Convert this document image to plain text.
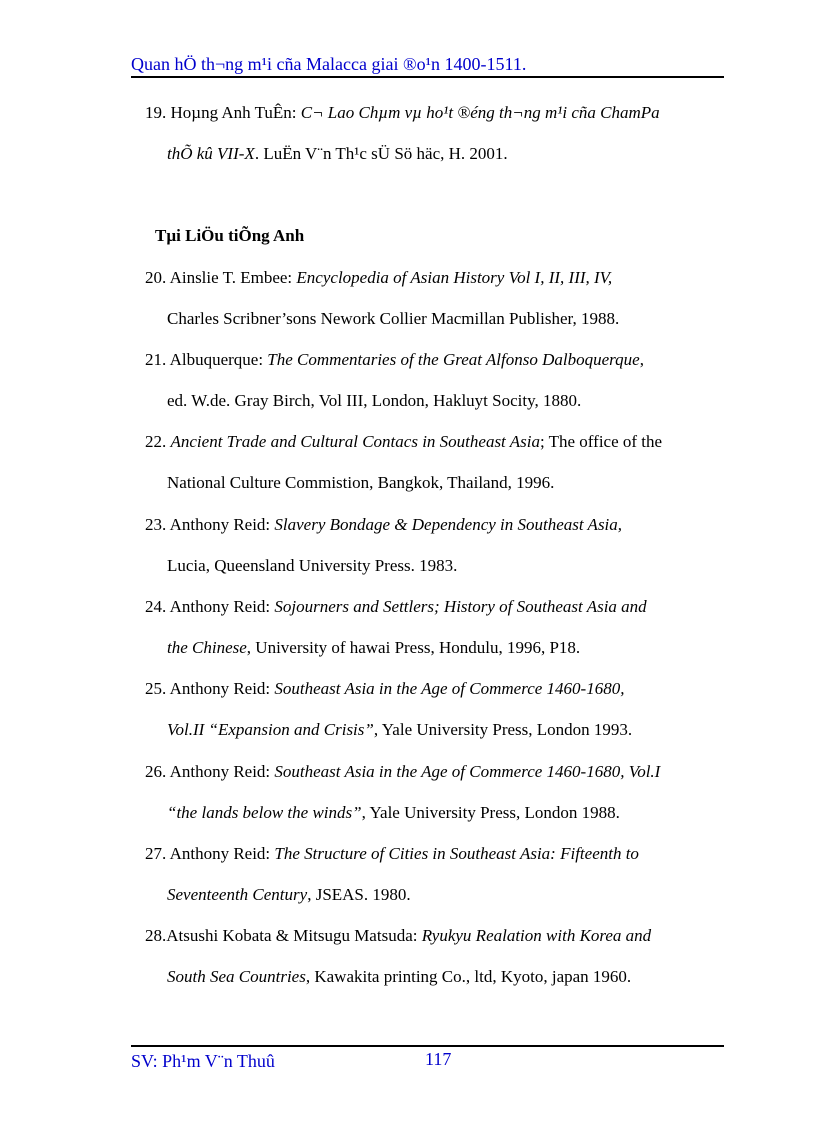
Quan hÖ th¬ng m¹i cña Malacca giai ®o¹n 1400-1511.
19. Hoµng Anh TuÊn: C¬ Lao Chµm vµ ho¹t ®éng th¬ng m¹i cña ChamPa
thÕ kû VII-X. LuËn V¨n Th¹c sÜ Sö häc, H. 2001.
Tµi LiÖu tiÕng Anh
20. Ainslie T. Embee: Encyclopedia of Asian History Vol I, II, III, IV,
Charles Scribner’sons Nework Collier Macmillan Publisher, 1988.
21. Albuquerque: The Commentaries of the Great Alfonso Dalboquerque,
ed. W.de. Gray Birch, Vol III, London, Hakluyt Socity, 1880.
22. Ancient Trade and Cultural Contacs in Southeast Asia; The office of the
National Culture Commistion, Bangkok, Thailand, 1996.
23. Anthony Reid: Slavery Bondage & Dependency in Southeast Asia,
Lucia, Queensland University Press. 1983.
24. Anthony Reid: Sojourners and Settlers; History of Southeast Asia and
the Chinese, University of hawai Press, Hondulu, 1996, P18.
25. Anthony Reid: Southeast Asia in the Age of Commerce 1460-1680,
Vol.II “Expansion and Crisis”, Yale University Press, London 1993.
26. Anthony Reid: Southeast Asia in the Age of Commerce 1460-1680, Vol.I
“the lands below the winds”, Yale University Press, London 1988.
27. Anthony Reid: The Structure of Cities in Southeast Asia: Fifteenth to
Seventeenth Century, JSEAS. 1980.
28.Atsushi Kobata & Mitsugu Matsuda: Ryukyu Realation with Korea and
South Sea Countries, Kawakita printing Co., ltd, Kyoto, japan 1960.
SV: Ph¹m V¨n Thuû	117
